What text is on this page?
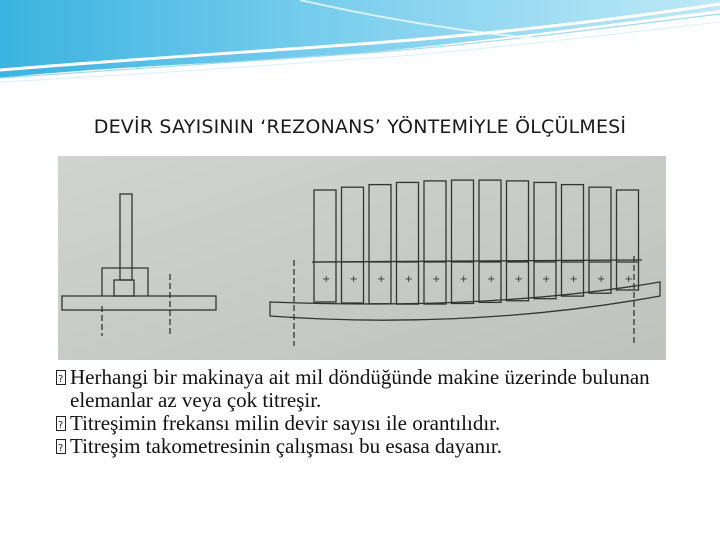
DEVİR SAYISININ ‘REZONANS’ YÖNTEMİYLE ÖLÇÜLMESİ
+ + + + + + + + + + + +

?
Herhangi bir makinaya ait mil döndüğünde makine üzerinde bulunan elemanlar az veya çok titreşir.

?
Titreşimin frekansı milin devir sayısı ile orantılıdır.

?
Titreşim takometresinin çalışması bu esasa dayanır.
